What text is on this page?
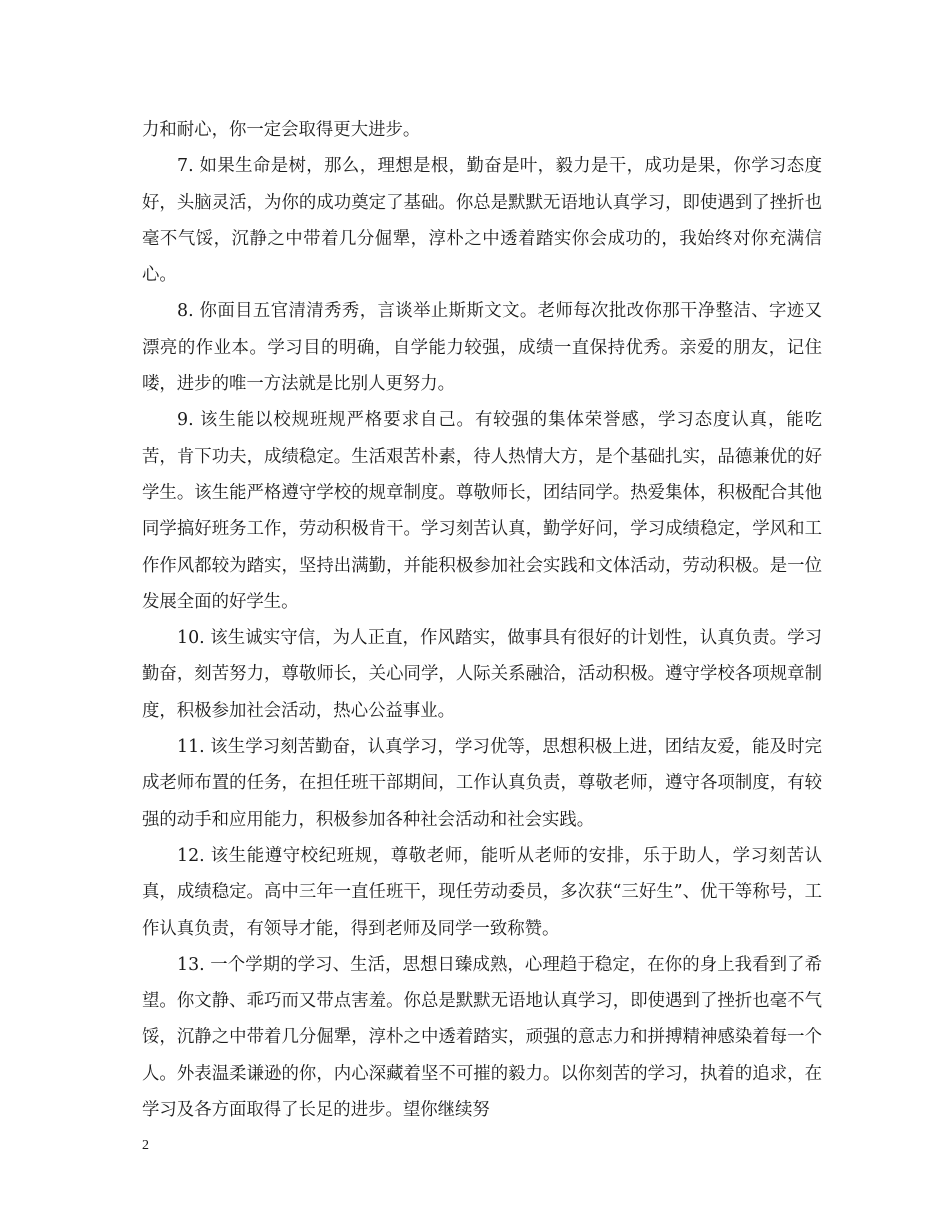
力和耐心，你一定会取得更大进步。

7. 如果生命是树，那么，理想是根，勤奋是叶，毅力是干，成功是果，你学习态度好，头脑灵活，为你的成功奠定了基础。你总是默默无语地认真学习，即使遇到了挫折也毫不气馁，沉静之中带着几分倔犟，淳朴之中透着踏实你会成功的，我始终对你充满信心。

8. 你面目五官清清秀秀，言谈举止斯斯文文。老师每次批改你那干净整洁、字迹又漂亮的作业本。学习目的明确，自学能力较强，成绩一直保持优秀。亲爱的朋友，记住喽，进步的唯一方法就是比别人更努力。

9. 该生能以校规班规严格要求自己。有较强的集体荣誉感，学习态度认真，能吃苦，肯下功夫，成绩稳定。生活艰苦朴素，待人热情大方，是个基础扎实，品德兼优的好学生。该生能严格遵守学校的规章制度。尊敬师长，团结同学。热爱集体，积极配合其他同学搞好班务工作，劳动积极肯干。学习刻苦认真，勤学好问，学习成绩稳定，学风和工作作风都较为踏实，坚持出满勤，并能积极参加社会实践和文体活动，劳动积极。是一位发展全面的好学生。

10. 该生诚实守信，为人正直，作风踏实，做事具有很好的计划性，认真负责。学习勤奋，刻苦努力，尊敬师长，关心同学，人际关系融洽，活动积极。遵守学校各项规章制度，积极参加社会活动，热心公益事业。

11. 该生学习刻苦勤奋，认真学习，学习优等，思想积极上进，团结友爱，能及时完成老师布置的任务，在担任班干部期间，工作认真负责，尊敬老师，遵守各项制度，有较强的动手和应用能力，积极参加各种社会活动和社会实践。

12. 该生能遵守校纪班规，尊敬老师，能听从老师的安排，乐于助人，学习刻苦认真，成绩稳定。高中三年一直任班干，现任劳动委员，多次获“三好生”、优干等称号，工作认真负责，有领导才能，得到老师及同学一致称赞。

13. 一个学期的学习、生活，思想日臻成熟，心理趋于稳定，在你的身上我看到了希望。你文静、乖巧而又带点害羞。你总是默默无语地认真学习，即使遇到了挫折也毫不气馁，沉静之中带着几分倔犟，淳朴之中透着踏实，顽强的意志力和拼搏精神感染着每一个人。外表温柔谦逊的你，内心深藏着坚不可摧的毅力。以你刻苦的学习，执着的追求，在学习及各方面取得了长足的进步。望你继续努

2
